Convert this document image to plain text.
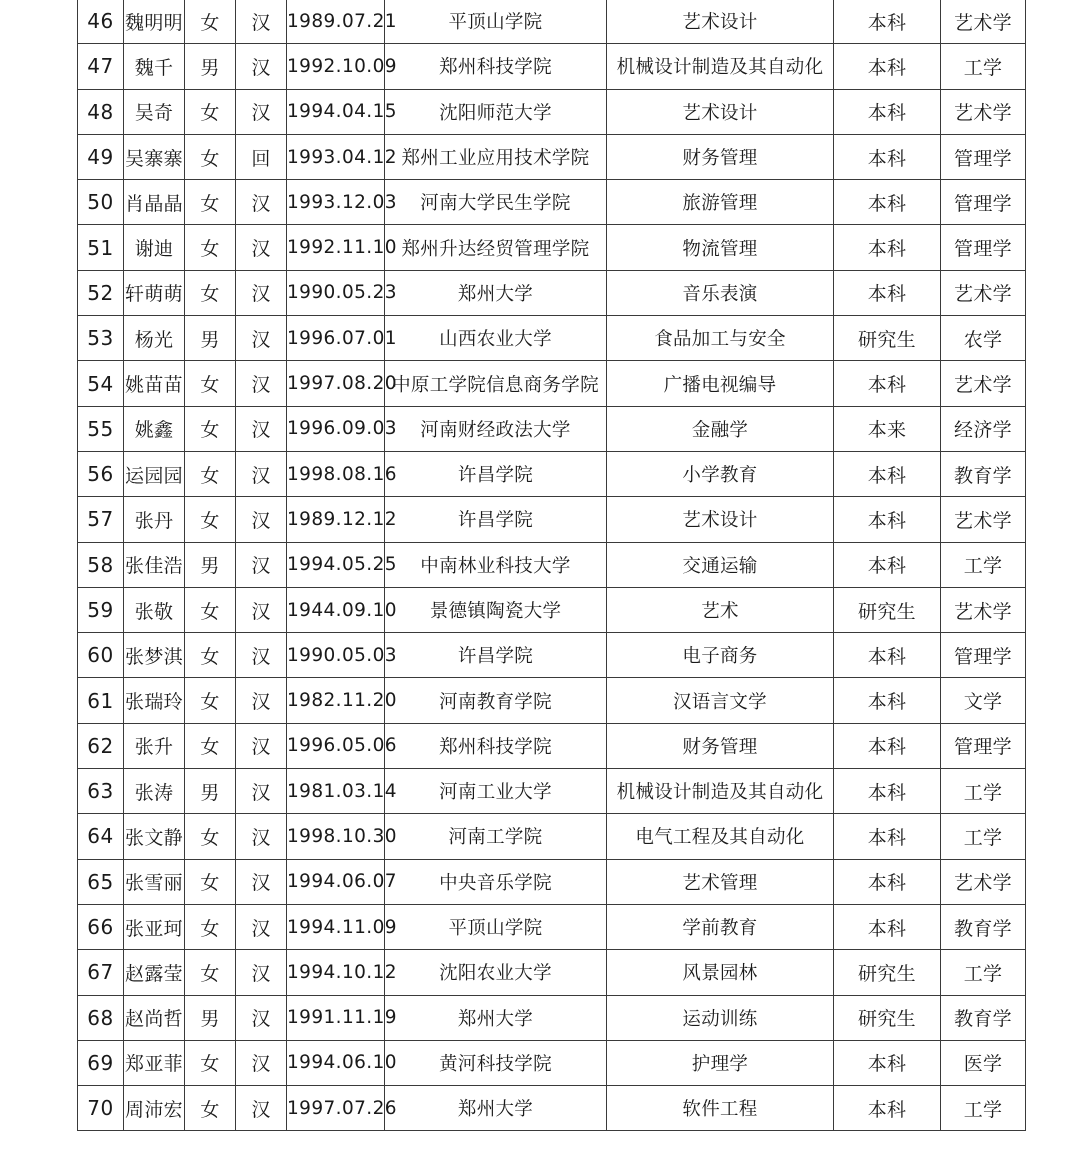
46	魏明明	女	汉	1989.07.21	平顶山学院	艺术设计	本科	艺术学
47	魏千	男	汉	1992.10.09	郑州科技学院	机械设计制造及其自动化	本科	工学
48	吴奇	女	汉	1994.04.15	沈阳师范大学	艺术设计	本科	艺术学
49	吴寨寨	女	回	1993.04.12	郑州工业应用技术学院	财务管理	本科	管理学
50	肖晶晶	女	汉	1993.12.03	河南大学民生学院	旅游管理	本科	管理学
51	谢迪	女	汉	1992.11.10	郑州升达经贸管理学院	物流管理	本科	管理学
52	轩萌萌	女	汉	1990.05.23	郑州大学	音乐表演	本科	艺术学
53	杨光	男	汉	1996.07.01	山西农业大学	食品加工与安全	研究生	农学
54	姚苗苗	女	汉	1997.08.20	中原工学院信息商务学院	广播电视编导	本科	艺术学
55	姚鑫	女	汉	1996.09.03	河南财经政法大学	金融学	本来	经济学
56	运园园	女	汉	1998.08.16	许昌学院	小学教育	本科	教育学
57	张丹	女	汉	1989.12.12	许昌学院	艺术设计	本科	艺术学
58	张佳浩	男	汉	1994.05.25	中南林业科技大学	交通运输	本科	工学
59	张敬	女	汉	1944.09.10	景德镇陶瓷大学	艺术	研究生	艺术学
60	张梦淇	女	汉	1990.05.03	许昌学院	电子商务	本科	管理学
61	张瑞玲	女	汉	1982.11.20	河南教育学院	汉语言文学	本科	文学
62	张升	女	汉	1996.05.06	郑州科技学院	财务管理	本科	管理学
63	张涛	男	汉	1981.03.14	河南工业大学	机械设计制造及其自动化	本科	工学
64	张文静	女	汉	1998.10.30	河南工学院	电气工程及其自动化	本科	工学
65	张雪丽	女	汉	1994.06.07	中央音乐学院	艺术管理	本科	艺术学
66	张亚珂	女	汉	1994.11.09	平顶山学院	学前教育	本科	教育学
67	赵露莹	女	汉	1994.10.12	沈阳农业大学	风景园林	研究生	工学
68	赵尚哲	男	汉	1991.11.19	郑州大学	运动训练	研究生	教育学
69	郑亚菲	女	汉	1994.06.10	黄河科技学院	护理学	本科	医学
70	周沛宏	女	汉	1997.07.26	郑州大学	软件工程	本科	工学
